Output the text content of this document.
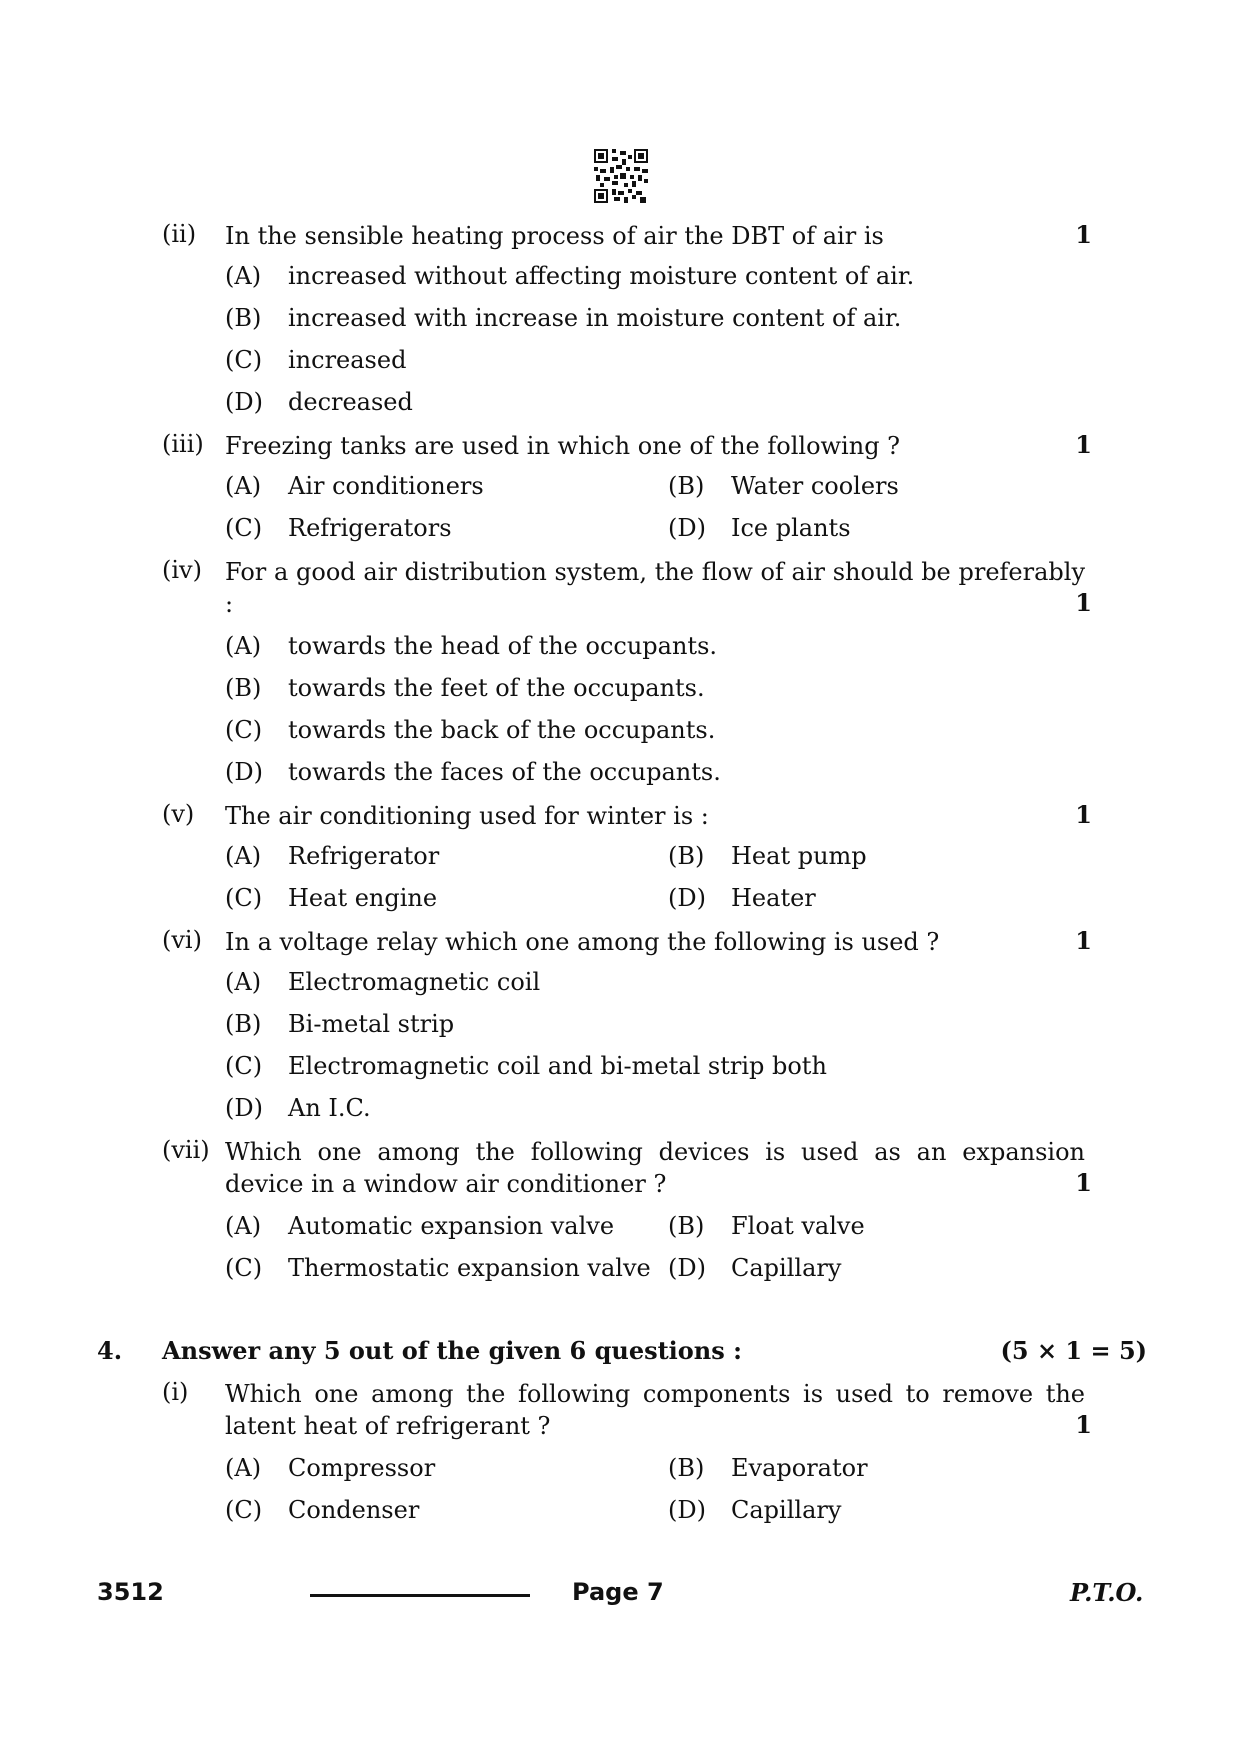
(ii) In the sensible heating process of air the DBT of air is	1
(A) increased without affecting moisture content of air.
(B) increased with increase in moisture content of air.
(C) increased
(D) decreased
(iii) Freezing tanks are used in which one of the following ?	1
(A) Air conditioners	(B) Water coolers
(C) Refrigerators	(D) Ice plants
(iv) For a good air distribution system, the flow of air should be preferably :	1
(A) towards the head of the occupants.
(B) towards the feet of the occupants.
(C) towards the back of the occupants.
(D) towards the faces of the occupants.
(v) The air conditioning used for winter is :	1
(A) Refrigerator	(B) Heat pump
(C) Heat engine	(D) Heater
(vi) In a voltage relay which one among the following is used ?	1
(A) Electromagnetic coil
(B) Bi-metal strip
(C) Electromagnetic coil and bi-metal strip both
(D) An I.C.
(vii) Which one among the following devices is used as an expansion device in a window air conditioner ?	1
(A) Automatic expansion valve (B) Float valve
(C) Thermostatic expansion valve (D) Capillary
4. Answer any 5 out of the given 6 questions :	(5 × 1 = 5)
(i) Which one among the following components is used to remove the latent heat of refrigerant ?	1
(A) Compressor	(B) Evaporator
(C) Condenser	(D) Capillary
3512	Page 7	P.T.O.
